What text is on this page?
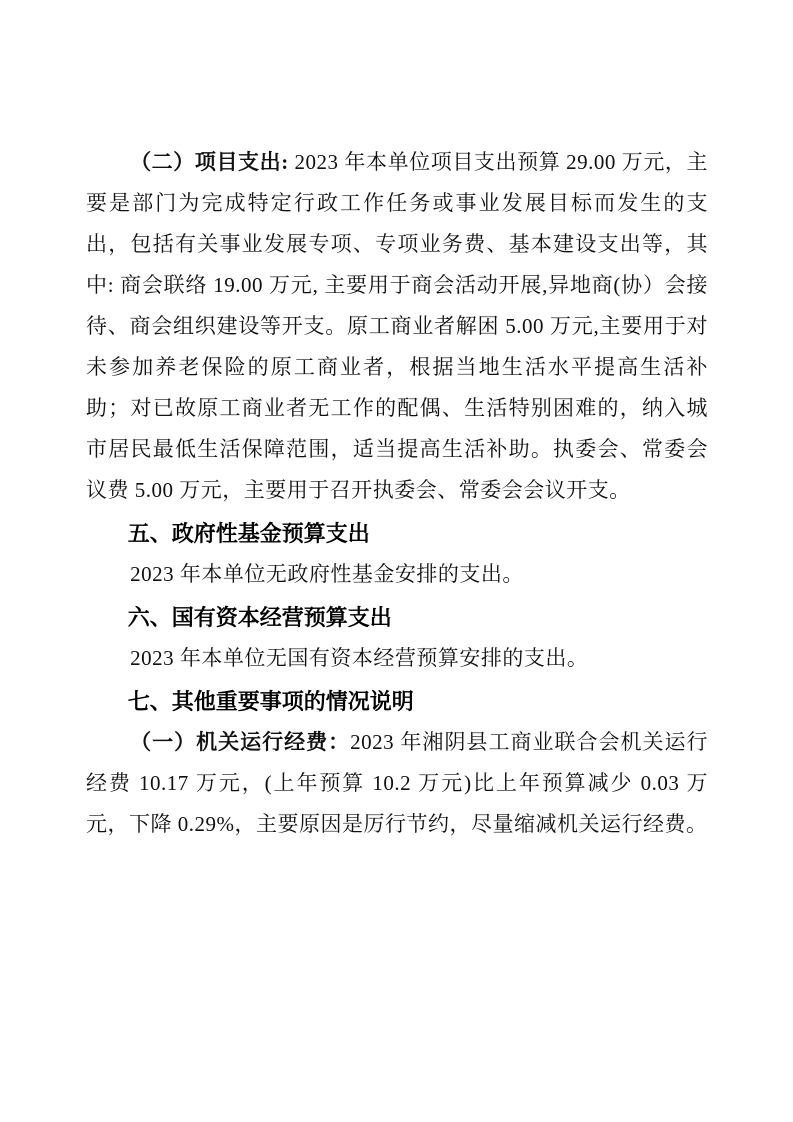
（二）项目支出: 2023 年本单位项目支出预算 29.00 万元，主要是部门为完成特定行政工作任务或事业发展目标而发生的支出，包括有关事业发展专项、专项业务费、基本建设支出等，其中: 商会联络 19.00 万元, 主要用于商会活动开展,异地商(协）会接待、商会组织建设等开支。原工商业者解困 5.00 万元,主要用于对未参加养老保险的原工商业者，根据当地生活水平提高生活补助；对已故原工商业者无工作的配偶、生活特别困难的，纳入城市居民最低生活保障范围，适当提高生活补助。执委会、常委会议费 5.00 万元，主要用于召开执委会、常委会会议开支。

五、政府性基金预算支出

2023 年本单位无政府性基金安排的支出。

六、国有资本经营预算支出

2023 年本单位无国有资本经营预算安排的支出。

七、其他重要事项的情况说明

（一）机关运行经费：2023 年湘阴县工商业联合会机关运行经费 10.17 万元，(上年预算 10.2 万元)比上年预算减少 0.03 万元，下降 0.29%，主要原因是厉行节约，尽量缩减机关运行经费。
